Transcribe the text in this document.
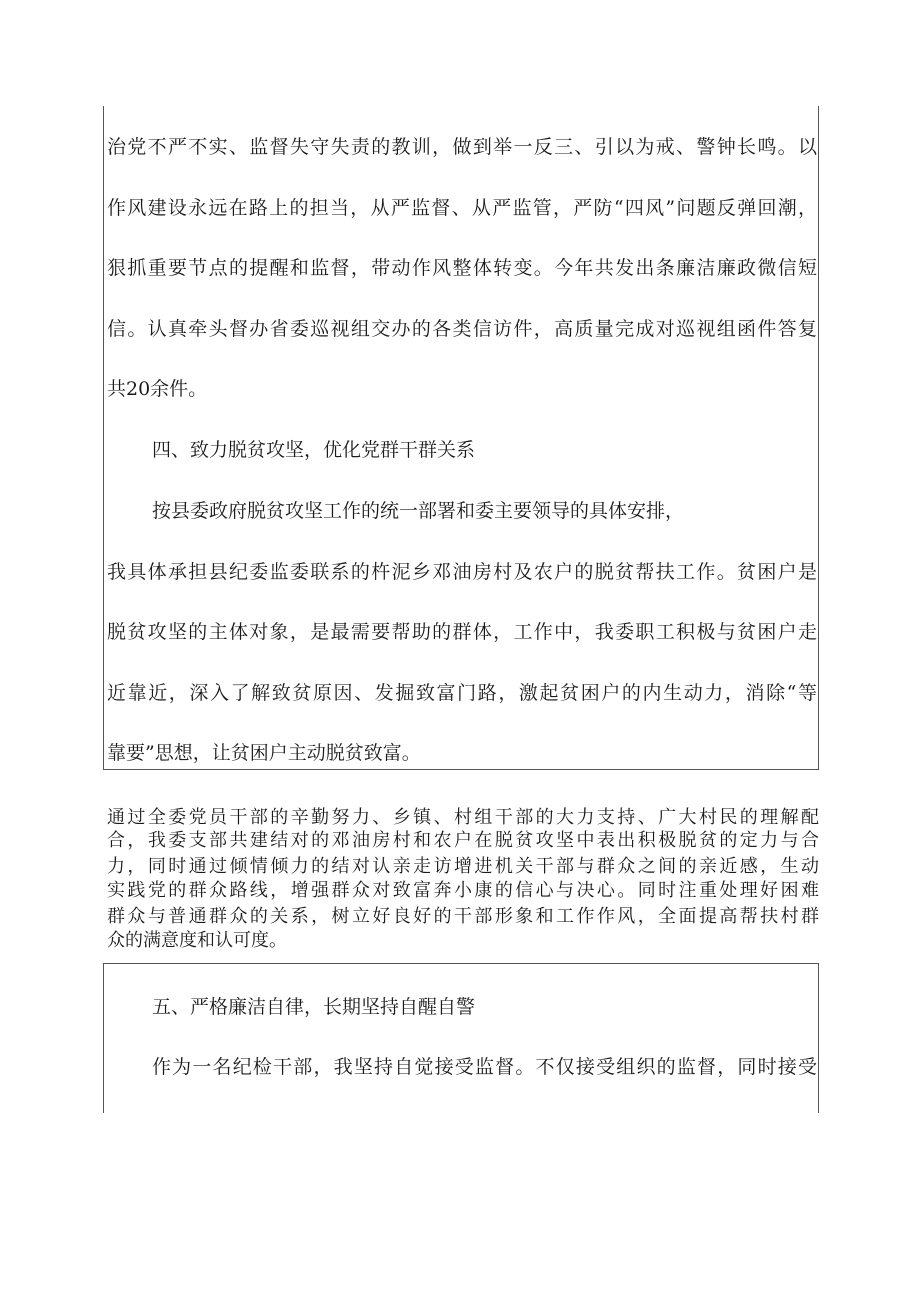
治党不严不实、监督失守失责的教训，做到举一反三、引以为戒、警钟长鸣。以
作风建设永远在路上的担当，从严监督、从严监管，严防“四风”问题反弹回潮，
狠抓重要节点的提醒和监督，带动作风整体转变。今年共发出条廉洁廉政微信短
信。认真牵头督办省委巡视组交办的各类信访件，高质量完成对巡视组函件答复
共20余件。
四、致力脱贫攻坚，优化党群干群关系
按县委政府脱贫攻坚工作的统一部署和委主要领导的具体安排，
我具体承担县纪委监委联系的杵泥乡邓油房村及农户的脱贫帮扶工作。贫困户是
脱贫攻坚的主体对象，是最需要帮助的群体，工作中，我委职工积极与贫困户走
近靠近，深入了解致贫原因、发掘致富门路，激起贫困户的内生动力，消除“等
靠要”思想，让贫困户主动脱贫致富。
通过全委党员干部的辛勤努力、乡镇、村组干部的大力支持、广大村民的理解配
合，我委支部共建结对的邓油房村和农户在脱贫攻坚中表出积极脱贫的定力与合
力，同时通过倾情倾力的结对认亲走访增进机关干部与群众之间的亲近感，生动
实践党的群众路线，增强群众对致富奔小康的信心与决心。同时注重处理好困难
群众与普通群众的关系，树立好良好的干部形象和工作作风，全面提高帮扶村群
众的满意度和认可度。
五、严格廉洁自律，长期坚持自醒自警
作为一名纪检干部，我坚持自觉接受监督。不仅接受组织的监督，同时接受
